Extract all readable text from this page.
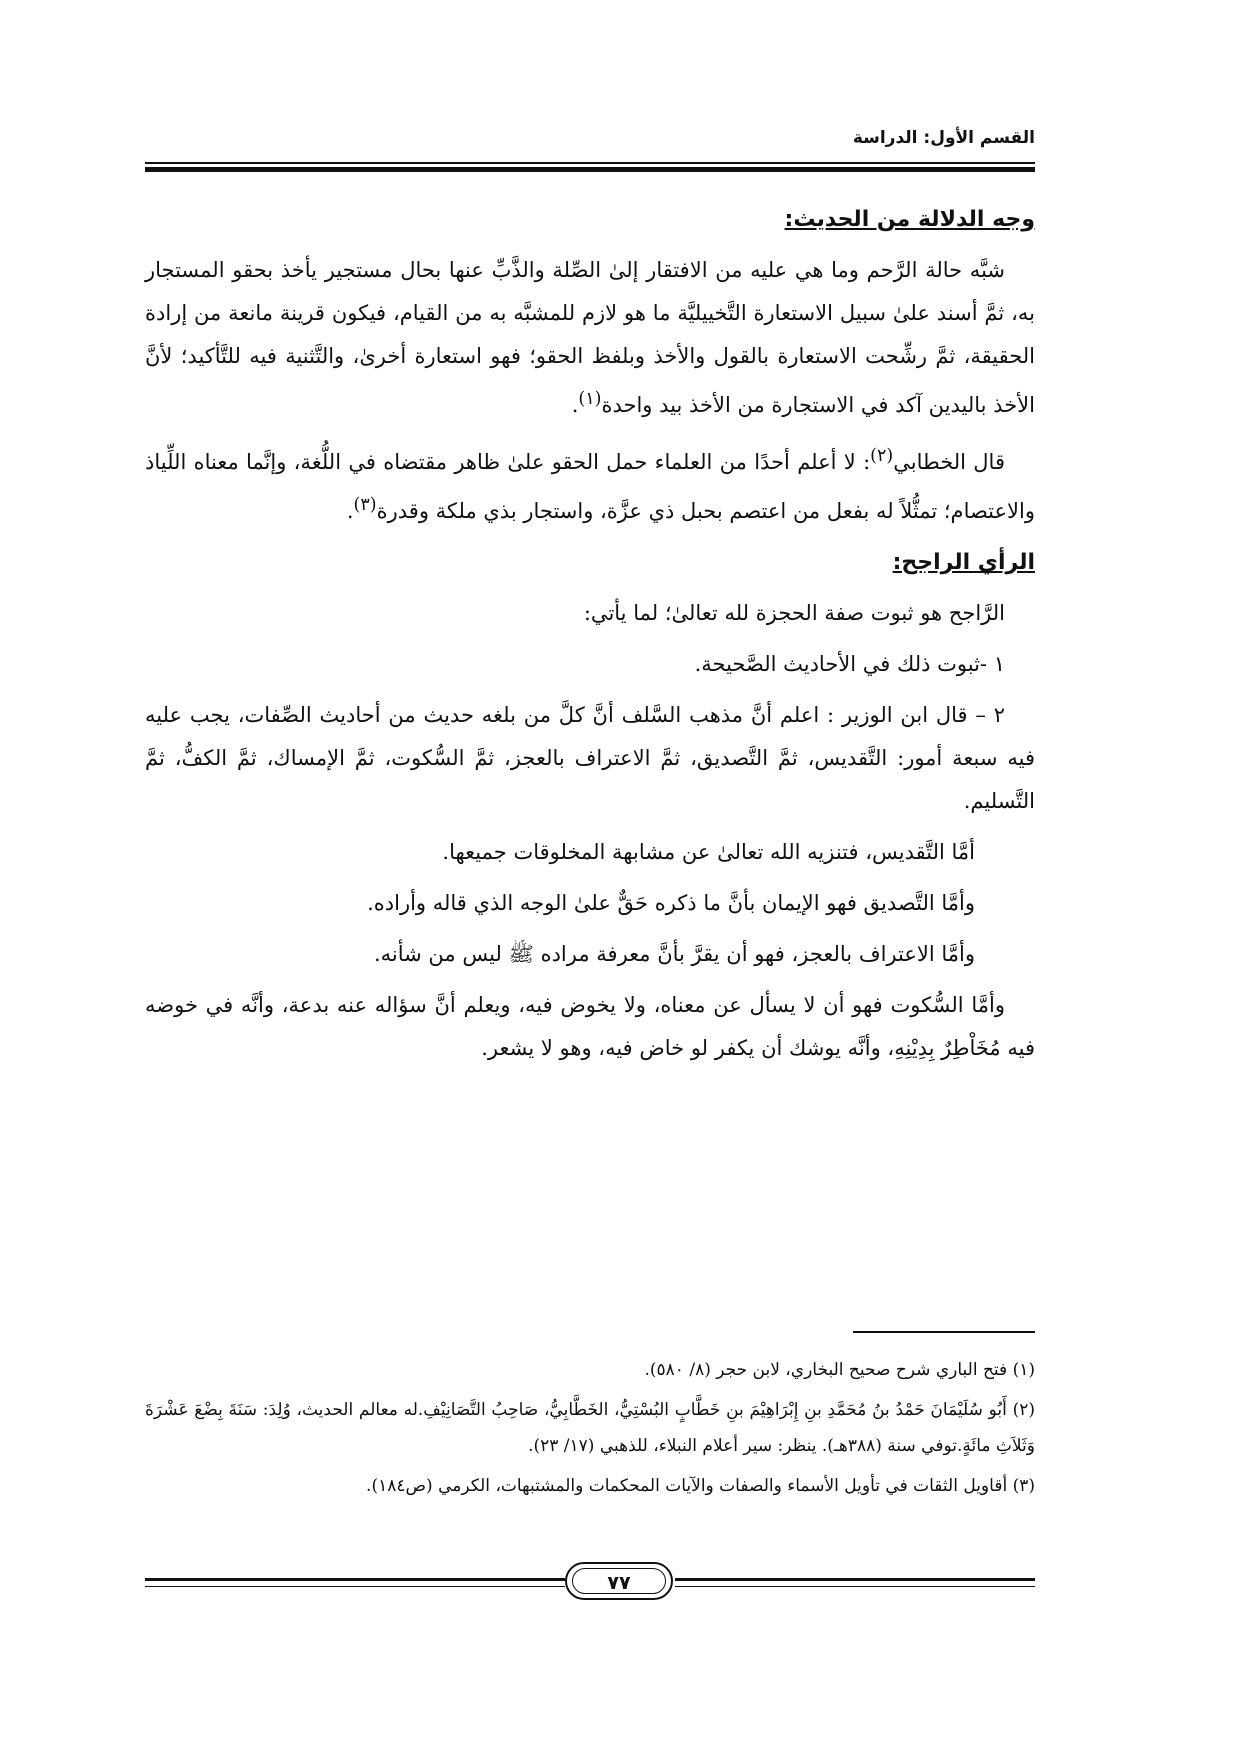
القسم الأول: الدراسة

وجه الدلالة من الحديث:

شبَّه حالة الرَّحم وما هي عليه من الافتقار إلىٰ الصِّلة والذَّبِّ عنها بحال مستجير يأخذ بحقو المستجار به، ثمَّ أسند علىٰ سبيل الاستعارة التَّخييليَّة ما هو لازم للمشبَّه به من القيام، فيكون قرينة مانعة من إرادة الحقيقة، ثمَّ رشِّحت الاستعارة بالقول والأخذ وبلفظ الحقو؛ فهو استعارة أخرىٰ، والتَّثنية فيه للتَّأكيد؛ لأنَّ الأخذ باليدين آكد في الاستجارة من الأخذ بيد واحدة$^{(١)}$.

قال الخطابي$^{(٢)}$: لا أعلم أحدًا من العلماء حمل الحقو علىٰ ظاهر مقتضاه في اللُّغة، وإنَّما معناه اللِّياذ والاعتصام؛ تمثُّلاً له بفعل من اعتصم بحبل ذي عزَّة، واستجار بذي ملكة وقدرة$^{(٣)}$.

الرأي الراجح:

الرَّاجح هو ثبوت صفة الحجزة لله تعالىٰ؛ لما يأتي:

١ -ثبوت ذلك في الأحاديث الصَّحيحة.

٢ – قال ابن الوزير : اعلم أنَّ مذهب السَّلف أنَّ كلَّ من بلغه حديث من أحاديث الصِّفات، يجب عليه فيه سبعة أمور: التَّقديس، ثمَّ التَّصديق، ثمَّ الاعتراف بالعجز، ثمَّ السُّكوت، ثمَّ الإمساك، ثمَّ الكفُّ، ثمَّ التَّسليم.

أمَّا التَّقديس، فتنزيه الله تعالىٰ عن مشابهة المخلوقات جميعها.

وأمَّا التَّصديق فهو الإيمان بأنَّ ما ذكره حَقٌّ علىٰ الوجه الذي قاله وأراده.

وأمَّا الاعتراف بالعجز، فهو أن يقرَّ بأنَّ معرفة مراده ﷺ ليس من شأنه.

وأمَّا السُّكوت فهو أن لا يسأل عن معناه، ولا يخوض فيه، ويعلم أنَّ سؤاله عنه بدعة، وأنَّه في خوضه فيه مُخَاْطِرٌ بِدِيْنِهِ، وأنَّه يوشك أن يكفر لو خاض فيه، وهو لا يشعر.

(١) فتح الباري شرح صحيح البخاري، لابن حجر (٨/ ٥٨٠).

(٢) أَبُو سُلَيْمَانَ حَمْدُ بنُ مُحَمَّدِ بنِ إِبْرَاهِيْمَ بنِ خَطَّابٍ البُسْتِيُّ، الخَطَّابِيُّ، صَاحِبُ التَّصَانِيْفِ.له معالم الحديث، وُلِدَ: سَنَةَ بِضْعَ عَشْرَةَ وَثَلاَثِ مائَةٍ.توفي سنة (٣٨٨هـ). ينظر: سير أعلام النبلاء، للذهبي (١٧/ ٢٣).

(٣) أقاويل الثقات في تأويل الأسماء والصفات والآيات المحكمات والمشتبهات، الكرمي (ص١٨٤).

٧٧
